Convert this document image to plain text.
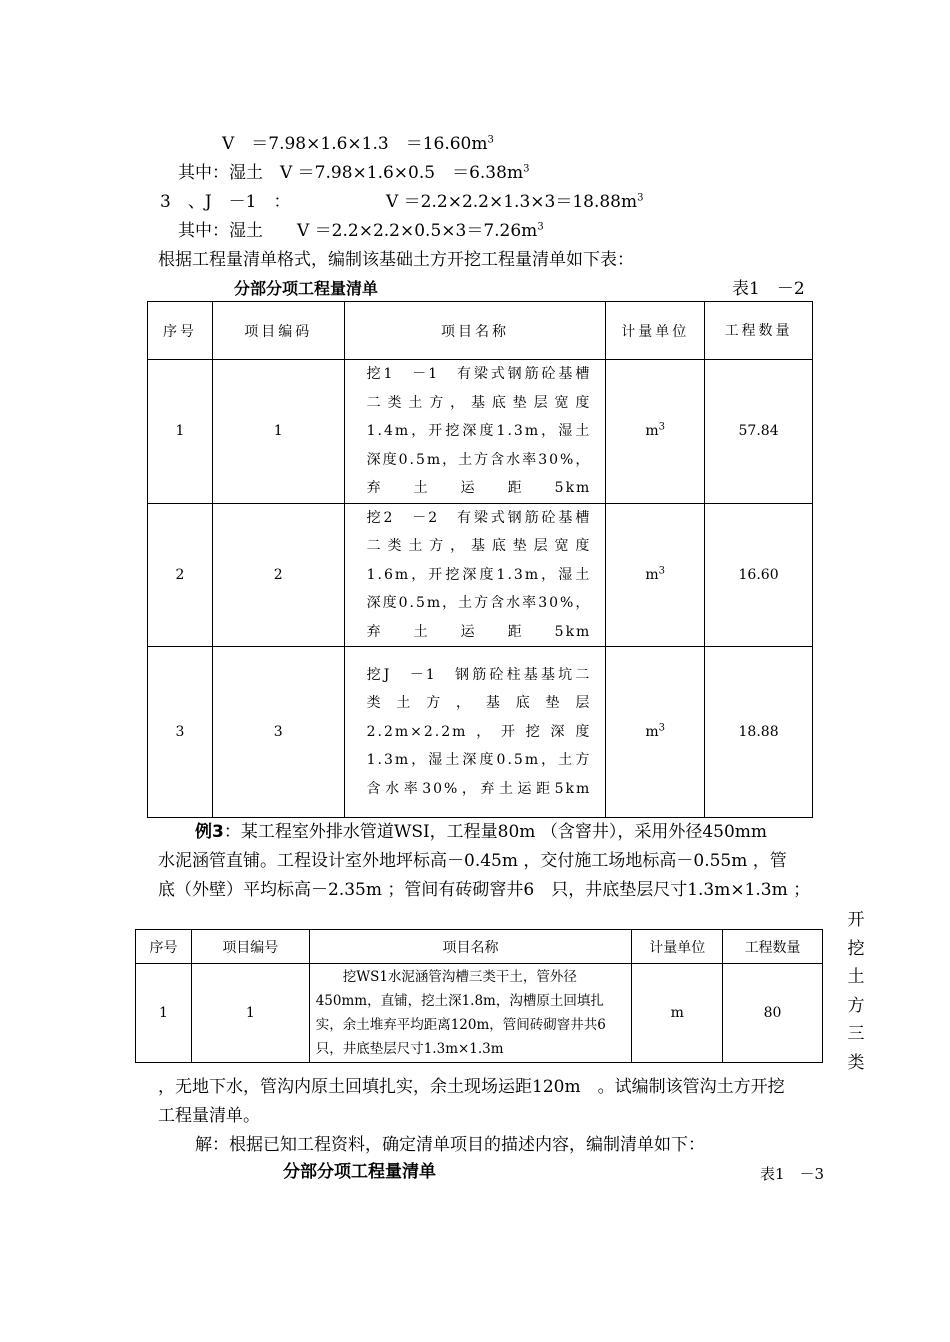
V　＝7.98×1.6×1.3　$=16.60m^3$
其中：湿土　V ＝7.98×1.6×0.5　$=6.38m^3$
3　、J　－1　：	$V =2.2\times 2.2\times 1.3\times 3=18.88m^3$
其中：湿土　　$V =2.2\times 2.2\times 0.5\times 3=7.26m^3$
根据工程量清单格式，编制该基础土方开挖工程量清单如下表：
分部分项工程量清单	表1　－2
序号	项目编码	项目名称	计量单位	工程数量
1	1	挖1　－1　有梁式钢筋砼基槽二类土方，基底垫层宽度1.4m，开挖深度1.3m，湿土深度0.5m，土方含水率30%，弃土运距5km	$m^3$	57.84
2	2	挖2　－2　有梁式钢筋砼基槽二类土方，基底垫层宽度1.6m，开挖深度1.3m，湿土深度0.5m，土方含水率30%，弃土运距5km	$m^3$	16.60
3	3	挖J　－1　钢筋砼柱基基坑二类土方，基底垫层2.2m×2.2m，开挖深度1.3m，湿土深度0.5m，土方含水率30%，弃土运距5km	$m^3$	18.88
例3：某工程室外排水管道WSI，工程量80m （含窨井），采用外径450mm
水泥涵管直铺。工程设计室外地坪标高－0.45m ，交付施工场地标高－0.55m ，管
底（外壁）平均标高－2.35m ；管间有砖砌窨井6　只，井底垫层尺寸1.3m×1.3m ；
开挖土方三类
序号	项目编号	项目名称	计量单位	工程数量
1	1	挖WS1水泥涵管沟槽三类干土，管外径450mm，直铺，挖土深1.8m，沟槽原土回填扎实，余土堆弃平均距离120m，管间砖砌窨井共6只，井底垫层尺寸1.3m×1.3m	m	80
，无地下水，管沟内原土回填扎实，余土现场运距120m　。试编制该管沟土方开挖
工程量清单。
解：根据已知工程资料，确定清单项目的描述内容，编制清单如下：
分部分项工程量清单	表1　－3
